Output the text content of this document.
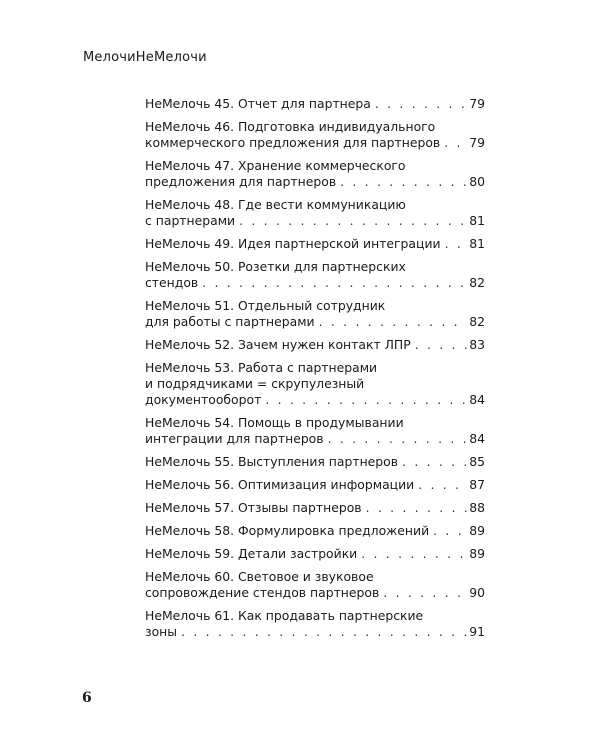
МелочиНеМелочи
НеМелочь 45. Отчет для партнера . . .	79
НеМелочь 46. Подготовка индивидуального
коммерческого предложения для партнеров . . . 79
НеМелочь 47. Хранение коммерческого
предложения для партнеров . . .	80
НеМелочь 48. Где вести коммуникацию
с партнерами . . .	81
НеМелочь 49. Идея партнерской интеграции . . . 81
НеМелочь 50. Розетки для партнерских
стендов . . .	82
НеМелочь 51. Отдельный сотрудник
для работы с партнерами . . .	82
НеМелочь 52. Зачем нужен контакт ЛПР . . .	83
НеМелочь 53. Работа с партнерами
и подрядчиками = скрупулезный
документооборот . . .	84
НеМелочь 54. Помощь в продумывании
интеграции для партнеров . . .	84
НеМелочь 55. Выступления партнеров . . .	85
НеМелочь 56. Оптимизация информации . . .	87
НеМелочь 57. Отзывы партнеров . . .	88
НеМелочь 58. Формулировка предложений . . .	89
НеМелочь 59. Детали застройки . . .	89
НеМелочь 60. Световое и звуковое
сопровождение стендов партнеров . . .	90
НеМелочь 61. Как продавать партнерские
зоны . . .	91
6
